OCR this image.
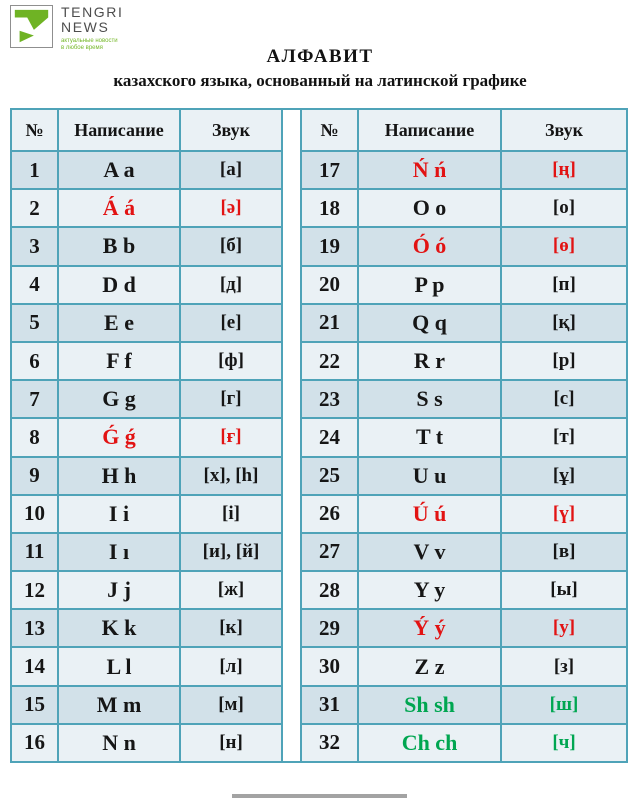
TENGRI
NEWS
актуальные новости
в любое время	АЛФАВИТ
казахского языка, основанный на латинской графике
№	Написание	Звук
1	A a	[а]
2	Á á	[ә]
3	B b	[б]
4	D d	[д]
5	E e	[е]
6	F f	[ф]
7	G g	[г]
8	Ǵ ǵ	[ғ]
9	H h	[х], [h]
10	I i	[i]
11	I ı	[и], [й]
12	J j	[ж]
13	K k	[к]
14	L l	[л]
15	M m	[м]
16	N n	[н]
№	Написание	Звук
17	Ń ń	[ң]
18	O o	[о]
19	Ó ó	[ө]
20	P p	[п]
21	Q q	[қ]
22	R r	[р]
23	S s	[с]
24	T t	[т]
25	U u	[ұ]
26	Ú ú	[ү]
27	V v	[в]
28	Y y	[ы]
29	Ý ý	[у]
30	Z z	[з]
31	Sh sh	[ш]
32	Ch ch	[ч]
